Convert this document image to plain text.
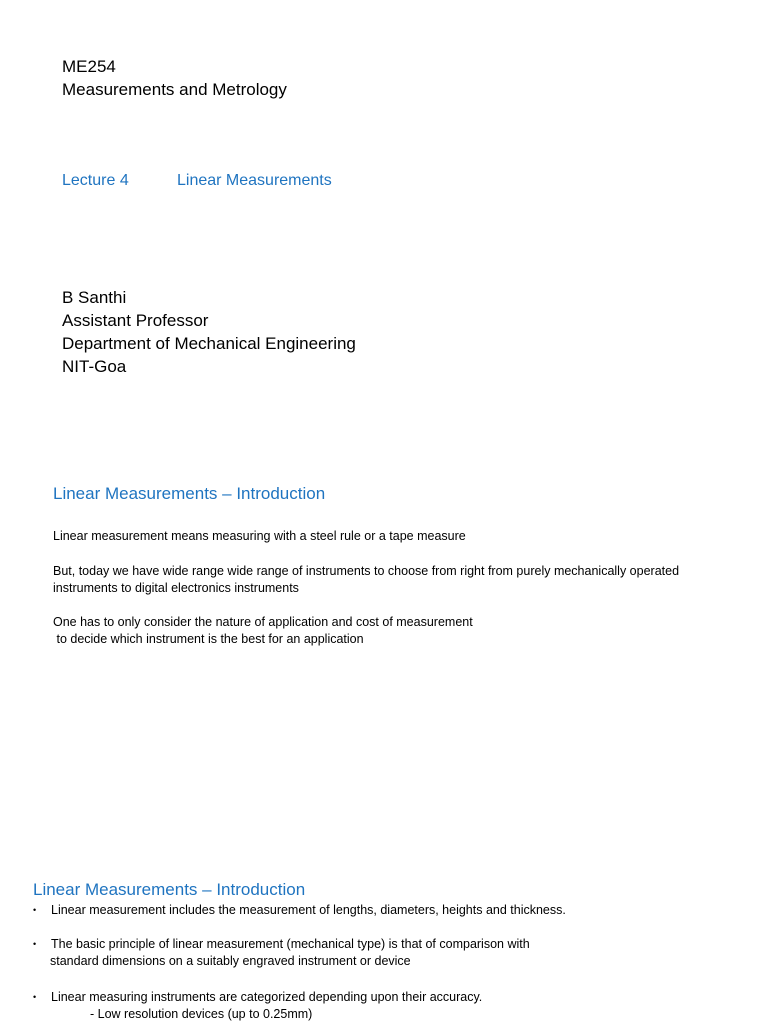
ME254
Measurements and Metrology
Lecture 4	Linear Measurements
B Santhi
Assistant Professor
Department of Mechanical Engineering
NIT-Goa
Linear Measurements – Introduction
Linear measurement means measuring with a steel rule or a tape measure
But, today we have wide range wide range of instruments to choose from right from purely mechanically operated
instruments to digital electronics instruments
One has to only consider the nature of application and cost of measurement
to decide which instrument is the best for an application
Linear Measurements – Introduction
• Linear measurement includes the measurement of lengths, diameters, heights and thickness.
• The basic principle of linear measurement (mechanical type) is that of comparison with
standard dimensions on a suitably engraved instrument or device
• Linear measuring instruments are categorized depending upon their accuracy.
- Low resolution devices (up to 0.25mm)
